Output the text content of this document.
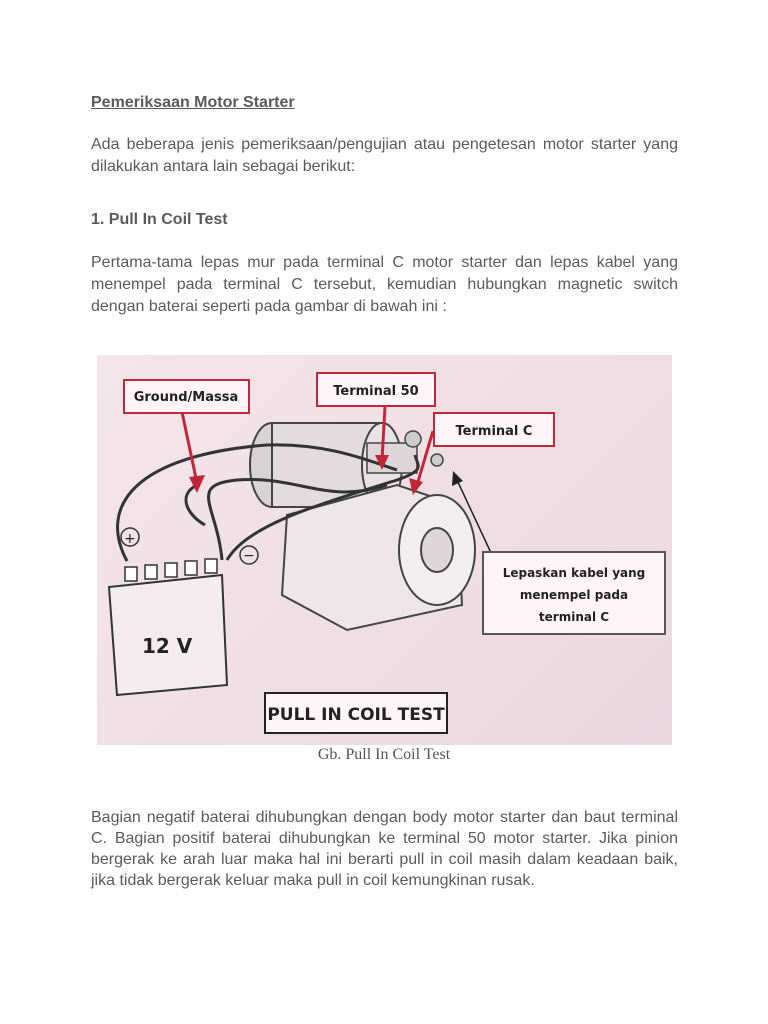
Pemeriksaan Motor Starter

Ada beberapa jenis pemeriksaan/pengujian atau pengetesan motor starter yang dilakukan antara lain sebagai berikut:

1. Pull In Coil Test

Pertama-tama lepas mur pada terminal C motor starter dan lepas kabel yang menempel pada terminal C tersebut, kemudian hubungkan magnetic switch dengan baterai seperti pada gambar di bawah ini :

Bagian negatif baterai dihubungkan dengan body motor starter dan baut terminal C. Bagian positif baterai dihubungkan ke terminal 50 motor starter. Jika pinion bergerak ke arah luar maka hal ini berarti pull in coil masih dalam keadaan baik, jika tidak bergerak keluar maka pull in coil kemungkinan rusak.

12 V
+
−
Ground/Massa	Terminal 50
Terminal C
Lepaskan kabel yang
menempel pada
terminal C
PULL IN COIL TEST

Gb. Pull In Coil Test
